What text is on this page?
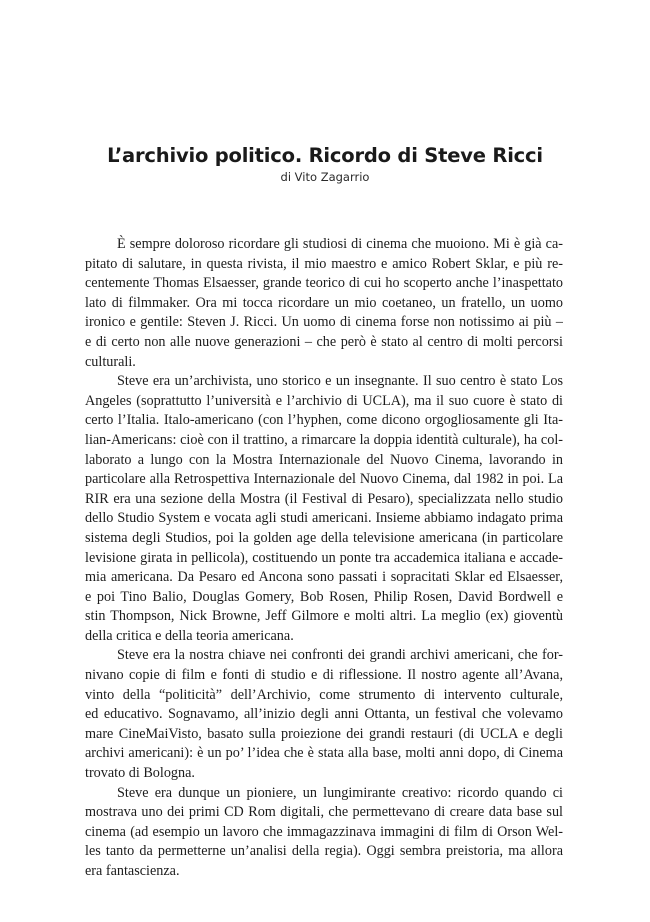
L’archivio politico. Ricordo di Steve Ricci
di Vito Zagarrio
È sempre doloroso ricordare gli studiosi di cinema che muoiono. Mi è già ca-
pitato di salutare, in questa rivista, il mio maestro e amico Robert Sklar, e più re-
centemente Thomas Elsaesser, grande teorico di cui ho scoperto anche l’inaspettato
lato di filmmaker. Ora mi tocca ricordare un mio coetaneo, un fratello, un uomo
ironico e gentile: Steven J. Ricci. Un uomo di cinema forse non notissimo ai più –
e di certo non alle nuove generazioni – che però è stato al centro di molti percorsi
culturali.
Steve era un’archivista, uno storico e un insegnante. Il suo centro è stato Los
Angeles (soprattutto l’università e l’archivio di UCLA), ma il suo cuore è stato di
certo l’Italia. Italo-americano (con l’hyphen, come dicono orgogliosamente gli Ita-
lian-Americans: cioè con il trattino, a rimarcare la doppia identità culturale), ha col-
laborato a lungo con la Mostra Internazionale del Nuovo Cinema, lavorando in
particolare alla Retrospettiva Internazionale del Nuovo Cinema, dal 1982 in poi. La
RIR era una sezione della Mostra (il Festival di Pesaro), specializzata nello studio
dello Studio System e vocata agli studi americani. Insieme abbiamo indagato prima
sistema degli Studios, poi la golden age della televisione americana (in particolare
levisione girata in pellicola), costituendo un ponte tra accademica italiana e accade-
mia americana. Da Pesaro ed Ancona sono passati i sopracitati Sklar ed Elsaesser,
e poi Tino Balio, Douglas Gomery, Bob Rosen, Philip Rosen, David Bordwell e
stin Thompson, Nick Browne, Jeff Gilmore e molti altri. La meglio (ex) gioventù
della critica e della teoria americana.
Steve era la nostra chiave nei confronti dei grandi archivi americani, che for-
nivano copie di film e fonti di studio e di riflessione. Il nostro agente all’Avana,
vinto della “politicità” dell’Archivio, come strumento di intervento culturale,
ed educativo. Sognavamo, all’inizio degli anni Ottanta, un festival che volevamo
mare CineMaiVisto, basato sulla proiezione dei grandi restauri (di UCLA e degli
archivi americani): è un po’ l’idea che è stata alla base, molti anni dopo, di Cinema
trovato di Bologna.
Steve era dunque un pioniere, un lungimirante creativo: ricordo quando ci
mostrava uno dei primi CD Rom digitali, che permettevano di creare data base sul
cinema (ad esempio un lavoro che immagazzinava immagini di film di Orson Wel-
les tanto da permetterne un’analisi della regia). Oggi sembra preistoria, ma allora
era fantascienza.
